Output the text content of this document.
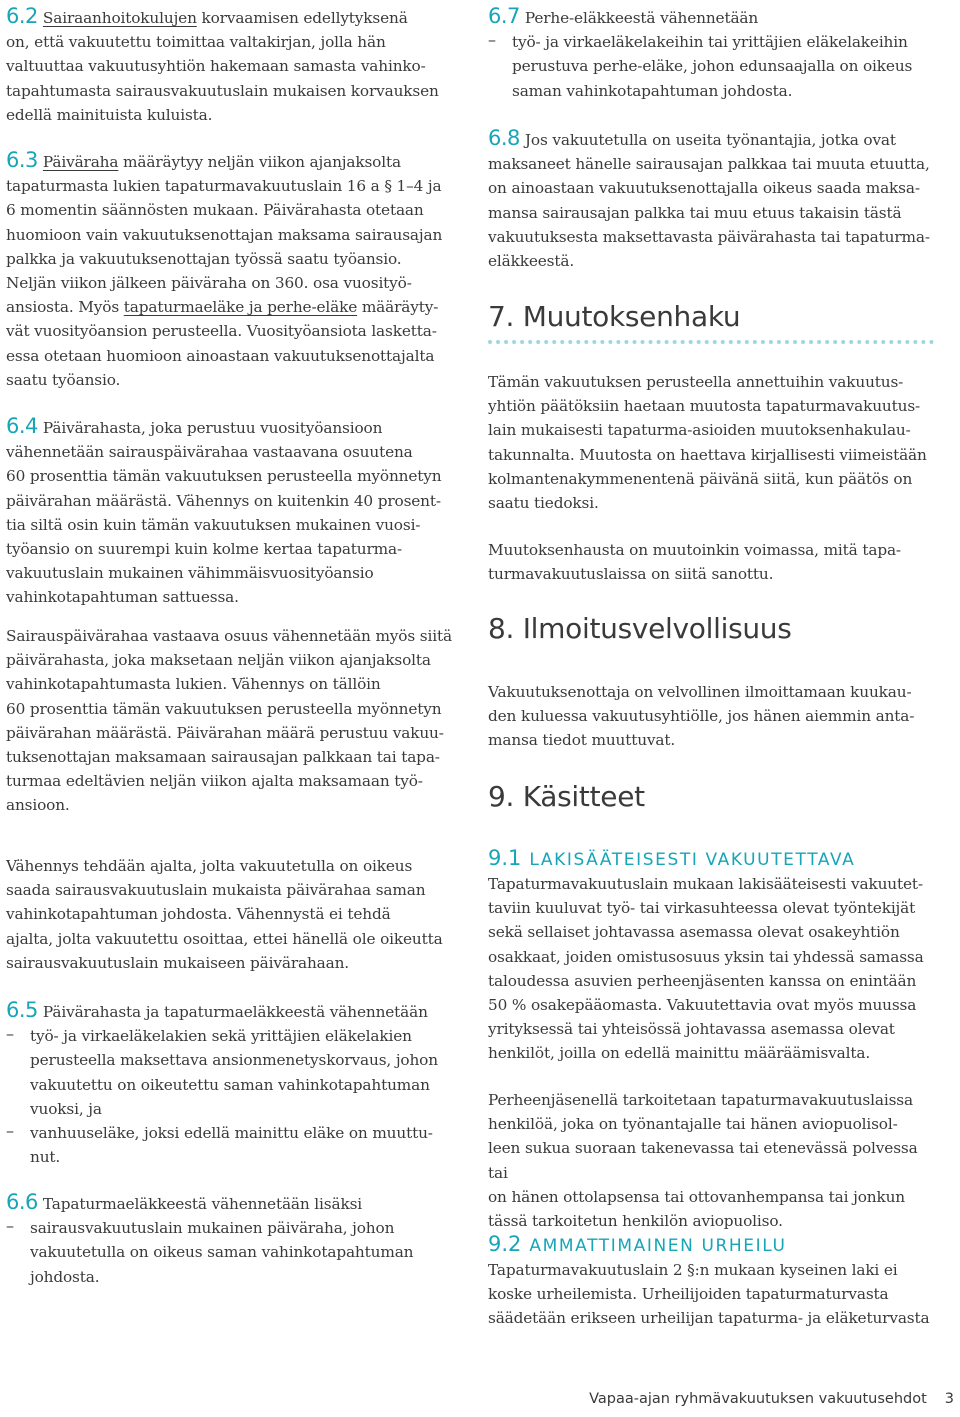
6.2 Sairaanhoitokulujen korvaamisen edellytyksenä

on, että vakuutettu toimittaa valtakirjan, jolla hän

valtuuttaa vakuutusyhtiön hakemaan samasta vahinko-

tapahtumasta sairausvakuutuslain mukaisen korvauksen

edellä mainituista kuluista.

6.3 Päiväraha määräytyy neljän viikon ajanjaksolta

tapaturmasta lukien tapaturmavakuutuslain 16 a § 1–4 ja

6 momentin säännösten mukaan. Päivärahasta otetaan

huomioon vain vakuutuksenottajan maksama sairausajan

palkka ja vakuutuksenottajan työssä saatu työansio.

Neljän viikon jälkeen päiväraha on 360. osa vuosityö-

ansiosta. Myös tapaturmaeläke ja perhe-eläke määräyty-

vät vuosityöansion perusteella. Vuosityöansiota laskettа-

essa otetaan huomioon ainoastaan vakuutuksenottajalta

saatu työansio.

6.4 Päivärahasta, joka perustuu vuosityöansioon

vähennetään sairauspäivärahaa vastaavana osuutena

60 prosenttia tämän vakuutuksen perusteella myönnetyn

päivärahan määrästä. Vähennys on kuitenkin 40 prosent-

tia siltä osin kuin tämän vakuutuksen mukainen vuosi-

työansio on suurempi kuin kolme kertaa tapaturma-

vakuutuslain mukainen vähimmäisvuosityöansio

vahinkotapahtuman sattuessa.

Sairauspäivärahaa vastaava osuus vähennetään myös siitä

päivärahasta, joka maksetaan neljän viikon ajanjaksolta

vahinkotapahtumasta lukien. Vähennys on tällöin

60 prosenttia tämän vakuutuksen perusteella myönnetyn

päivärahan määrästä. Päivärahan määrä perustuu vakuu-

tuksenottajan maksamaan sairausajan palkkaan tai tapa-

turmaa edeltävien neljän viikon ajalta maksamaan työ-

ansioon.

Vähennys tehdään ajalta, jolta vakuutetulla on oikeus

saada sairausvakuutuslain mukaista päivärahaa saman

vahinkotapahtuman johdosta. Vähennystä ei tehdä

ajalta, jolta vakuutettu osoittaa, ettei hänellä ole oikeutta

sairausvakuutuslain mukaiseen päivärahaan.

6.5 Päivärahasta ja tapaturmaeläkkeestä vähennetään

– työ- ja virkaeläkelakien sekä yrittäjien eläkelakien

perusteella maksettava ansionmenetyskorvaus, johon

vakuutettu on oikeutettu saman vahinkotapahtuman

vuoksi, ja

– vanhuuseläke, joksi edellä mainittu eläke on muuttu-

nut.

6.6 Tapaturmaeläkkeestä vähennetään lisäksi

– sairausvakuutuslain mukainen päiväraha, johon

vakuutetulla on oikeus saman vahinkotapahtuman

johdosta.

6.7 Perhe-eläkkeestä vähennetään

– työ- ja virkaeläkelakeihin tai yrittäjien eläkelakeihin

perustuva perhe-eläke, johon edunsaajalla on oikeus

saman vahinkotapahtuman johdosta.

6.8 Jos vakuutetulla on useita työnantajia, jotka ovat

maksaneet hänelle sairausajan palkkaa tai muuta etuutta,

on ainoastaan vakuutuksenottajalla oikeus saada maksa-

mansa sairausajan palkka tai muu etuus takaisin tästä

vakuutuksesta maksettavasta päivärahasta tai tapaturma-

eläkkeestä.

7. Muutoksenhaku

Tämän vakuutuksen perusteella annettuihin vakuutus-

yhtiön päätöksiin haetaan muutosta tapaturmavakuutus-

lain mukaisesti tapaturma-asioiden muutoksenhakulau-

takunnalta. Muutosta on haettava kirjallisesti viimeistään

kolmantenakymmenentenä päivänä siitä, kun päätös on

saatu tiedoksi.

Muutoksenhausta on muutoinkin voimassa, mitä tapa-

turmavakuutuslaissa on siitä sanottu.

8. Ilmoitusvelvollisuus

Vakuutuksenottaja on velvollinen ilmoittamaan kuukau-

den kuluessa vakuutusyhtiölle, jos hänen aiemmin anta-

mansa tiedot muuttuvat.

9. Käsitteet
9.1 LAKISÄÄTEISESTI VAKUUTETTAVA

Tapaturmavakuutuslain mukaan lakisääteisesti vakuutet-

taviin kuuluvat työ- tai virkasuhteessa olevat työntekijät

sekä sellaiset johtavassa asemassa olevat osakeyhtiön

osakkaat, joiden omistusosuus yksin tai yhdessä samassa

taloudessa asuvien perheenjäsenten kanssa on enintään

50 % osakepääomasta. Vakuutettavia ovat myös muussa

yrityksessä tai yhteisössä johtavassa asemassa olevat

henkilöt, joilla on edellä mainittu määräämisvalta.

Perheenjäsenellä tarkoitetaan tapaturmavakuutuslaissa

henkilöä, joka on työnantajalle tai hänen aviopuolisol-

leen sukua suoraan takenevassa tai etenevässä polvessa tai

on hänen ottolapsensa tai ottovanhempansa tai jonkun

tässä tarkoitetun henkilön aviopuoliso.

9.2 AMMATTIMAINEN URHEILU

Tapaturmavakuutuslain 2 §:n mukaan kyseinen laki ei

koske urheilemista. Urheilijoiden tapaturmaturvasta

säädetään erikseen urheilijan tapaturma- ja eläketurvasta

Vapaa-ajan ryhmävakuutuksen vakuutusehdot 3
